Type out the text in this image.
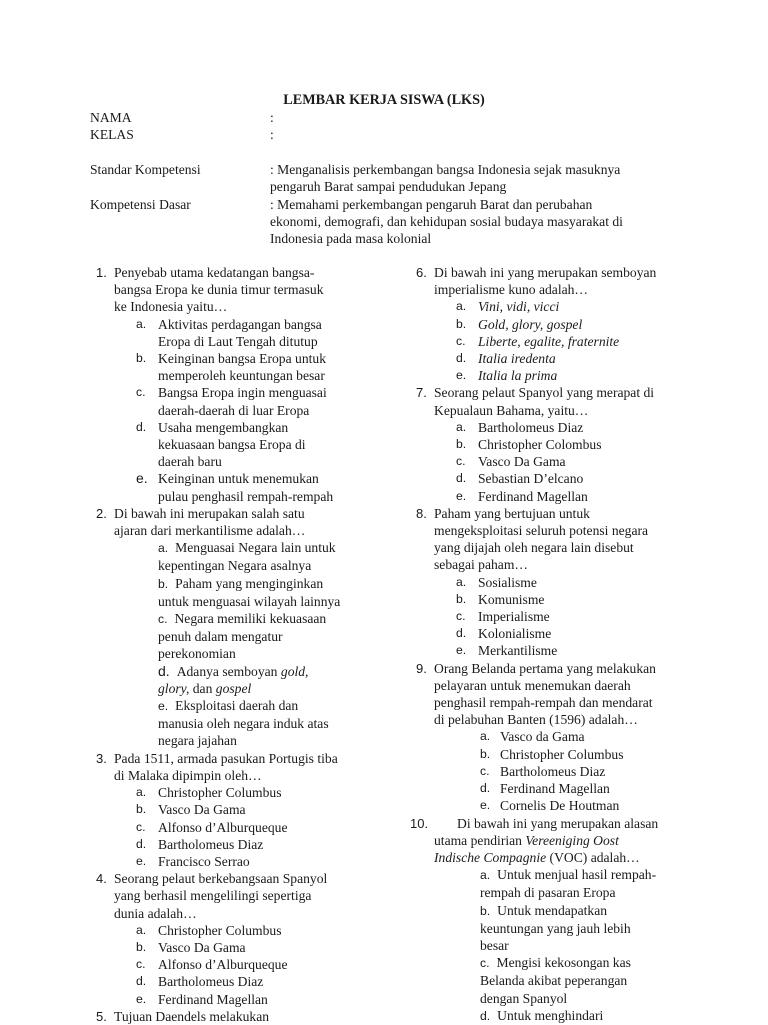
LEMBAR KERJA SISWA (LKS)
NAMA	:
KELAS	:
Standar Kompetensi	: Menganalisis perkembangan bangsa Indonesia sejak masuknya
pengaruh Barat sampai pendudukan Jepang
Kompetensi Dasar	: Memahami perkembangan pengaruh Barat dan perubahan
ekonomi, demografi, dan kehidupan sosial budaya masyarakat di
Indonesia pada masa kolonial
1. Penyebab utama kedatangan bangsa-
bangsa Eropa ke dunia timur termasuk
ke Indonesia yaitu…
a. Aktivitas perdagangan bangsa
Eropa di Laut Tengah ditutup
b. Keinginan bangsa Eropa untuk
memperoleh keuntungan besar
c. Bangsa Eropa ingin menguasai
daerah-daerah di luar Eropa
d. Usaha mengembangkan
kekuasaan bangsa Eropa di
daerah baru
e. Keinginan untuk menemukan
pulau penghasil rempah-rempah
2. Di bawah ini merupakan salah satu
ajaran dari merkantilisme adalah…
a. Menguasai Negara lain untuk
kepentingan Negara asalnya
b. Paham yang menginginkan
untuk menguasai wilayah lainnya
c. Negara memiliki kekuasaan
penuh dalam mengatur
perekonomian
d. Adanya semboyan gold,
glory, dan gospel
e. Eksploitasi daerah dan
manusia oleh negara induk atas
negara jajahan
3. Pada 1511, armada pasukan Portugis tiba
di Malaka dipimpin oleh…
a. Christopher Columbus
b. Vasco Da Gama
c. Alfonso d’Alburqueque
d. Bartholomeus Diaz
e. Francisco Serrao
4. Seorang pelaut berkebangsaan Spanyol
yang berhasil mengelilingi sepertiga
dunia adalah…
a. Christopher Columbus
b. Vasco Da Gama
c. Alfonso d’Alburqueque
d. Bartholomeus Diaz
e. Ferdinand Magellan
5. Tujuan Daendels melakukan
6. Di bawah ini yang merupakan semboyan
imperialisme kuno adalah…
a. Vini, vidi, vicci
b. Gold, glory, gospel
c. Liberte, egalite, fraternite
d. Italia iredenta
e. Italia la prima
7. Seorang pelaut Spanyol yang merapat di
Kepualaun Bahama, yaitu…
a. Bartholomeus Diaz
b. Christopher Colombus
c. Vasco Da Gama
d. Sebastian D’elcano
e. Ferdinand Magellan
8. Paham yang bertujuan untuk
mengeksploitasi seluruh potensi negara
yang dijajah oleh negara lain disebut
sebagai paham…
a. Sosialisme
b. Komunisme
c. Imperialisme
d. Kolonialisme
e. Merkantilisme
9. Orang Belanda pertama yang melakukan
pelayaran untuk menemukan daerah
penghasil rempah-rempah dan mendarat
di pelabuhan Banten (1596) adalah…
a. Vasco da Gama
b. Christopher Columbus
c. Bartholomeus Diaz
d. Ferdinand Magellan
e. Cornelis De Houtman
10.	Di bawah ini yang merupakan alasan
utama pendirian Vereeniging Oost
Indische Compagnie (VOC) adalah…
a. Untuk menjual hasil rempah-
rempah di pasaran Eropa
b. Untuk mendapatkan
keuntungan yang jauh lebih
besar
c. Mengisi kekosongan kas
Belanda akibat peperangan
dengan Spanyol
d. Untuk menghindari
